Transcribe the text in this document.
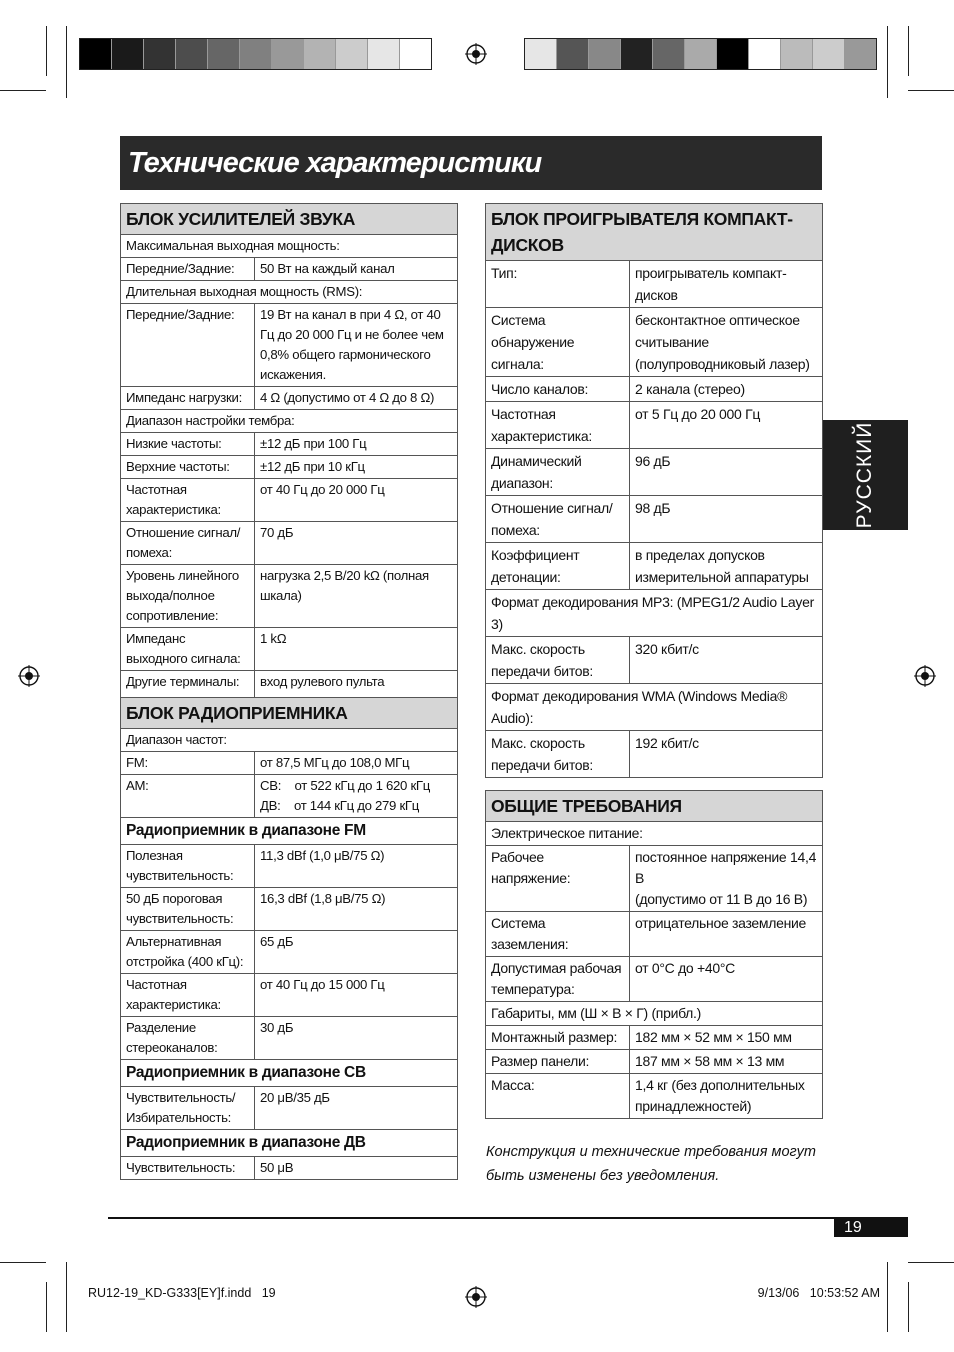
Технические характеристики
РУССКИЙ
БЛОК УСИЛИТЕЛЕЙ ЗВУКА	
Максимальная выходная мощность:	
Передние/Задние:	50 Вт на каждый канал
Длительная выходная мощность (RMS):	
Передние/Задние:	19 Вт на канал в при 4 Ω, от 40 Гц до 20 000 Гц и не более чем 0,8% общего гармонического искажения.
Импеданс нагрузки:	4 Ω (допустимо от 4 Ω до 8 Ω)
Диапазон настройки тембра:	
Низкие частоты:	±12 дБ при 100 Гц
Верхние частоты:	±12 дБ при 10 кГц
Частотная характеристика:	от 40 Гц до 20 000 Гц
Отношение сигнал/ помеха:	70 дБ
Уровень линейного выхода/полное сопротивление:	нагрузка 2,5 В/20 kΩ (полная шкала)
Импеданс выходного сигнала:	1 kΩ
Другие терминалы:	вход рулевого пульта
БЛОК РАДИОПРИЕМНИКА	
Диапазон частот:	
FM:	от 87,5 МГц до 108,0 МГц
AM:	СВ:    от 522 кГц до 1 620 кГц
ДВ:    от 144 кГц до 279 кГц

Радиоприемник в диапазоне FM	
Полезная чувствительность:	11,3 dBf (1,0 μВ/75 Ω)
50 дБ пороговая чувствительность:	16,3 dBf (1,8 μВ/75 Ω)
Альтернативная отстройка (400 кГц):	65 дБ
Частотная характеристика:	от 40 Гц до 15 000 Гц
Разделение стереоканалов:	30 дБ
Радиоприемник в диапазоне СВ	
Чувствительность/ Избирательность:	20 μВ/35 дБ
Радиоприемник в диапазоне ДВ	
Чувствительность:	50 μВ
БЛОК ПРОИГРЫВАТЕЛЯ КОМПАКТ-ДИСКОВ	
Тип:	проигрыватель компакт-дисков
Система обнаружение сигнала:	бесконтактное оптическое считывание (полупроводниковый лазер)
Число каналов:	2 канала (стерео)
Частотная характеристика:	от 5 Гц до 20 000 Гц
Динамический диапазон:	96 дБ
Отношение сигнал/ помеха:	98 дБ
Коэффициент детонации:	в пределах допусков измерительной аппаратуры
Формат декодирования MP3: (MPEG1/2 Audio Layer 3)	
Макс. скорость передачи битов:	320 кбит/с
Формат декодирования WMA (Windows Media® Audio):	
Макс. скорость передачи битов:	192 кбит/с
ОБЩИЕ ТРЕБОВАНИЯ	
Электрическое питание:	
Рабочее напряжение:	постоянное напряжение 14,4 В
(допустимо от 11 В до 16 В)

Система заземления:	отрицательное заземление
Допустимая рабочая температура:	от 0°C до +40°C
Габариты, мм (Ш × В × Г) (прибл.)	
Монтажный размер:	182 мм × 52 мм × 150 мм
Размер панели:	187 мм × 58 мм × 13 мм
Масса:	1,4 кг (без дополнительных принадлежностей)
Конструкция и технические требования могут
быть изменены без уведомления.
19
RU12-19_KD-G333[EY]f.indd   19	9/13/06   10:53:52 AM
